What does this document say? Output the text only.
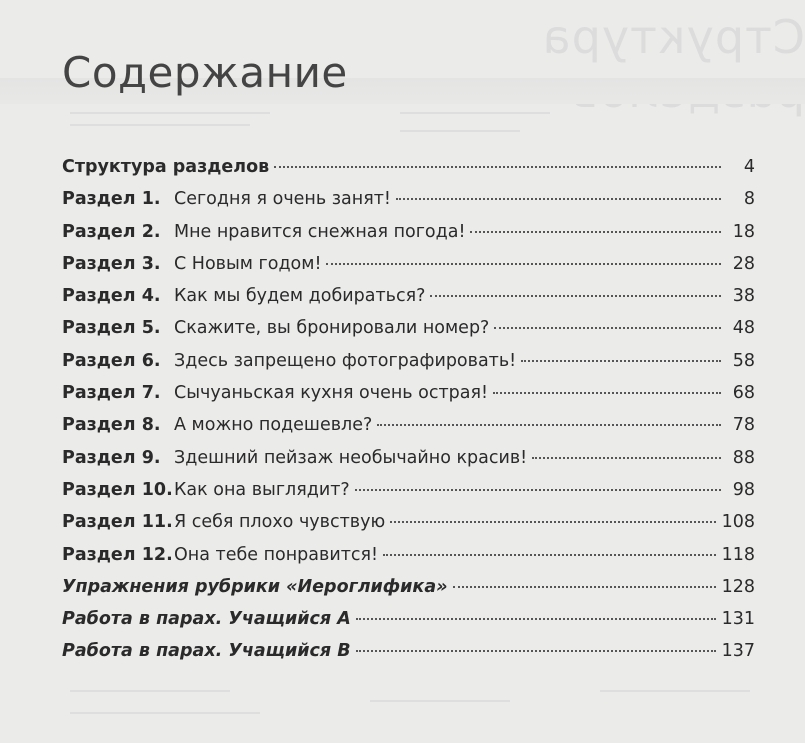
Структура
Содержание
Структура разделов	4
Раздел 1. Сегодня я очень занят!	8
Раздел 2. Мне нравится снежная погода!	18
Раздел 3. С Новым годом!	28
Раздел 4. Как мы будем добираться?	38
Раздел 5. Скажите, вы бронировали номер?	48
Раздел 6. Здесь запрещено фотографировать!	58
Раздел 7. Сычуаньская кухня очень острая!	68
Раздел 8. А можно подешевле?	78
Раздел 9. Здешний пейзаж необычайно красив!	88
Раздел 10. Как она выглядит?	98
Раздел 11. Я себя плохо чувствую	108
Раздел 12. Она тебе понравится!	118
Упражнения рубрики «Иероглифика»	128
Работа в парах. Учащийся А	131
Работа в парах. Учащийся В	137
